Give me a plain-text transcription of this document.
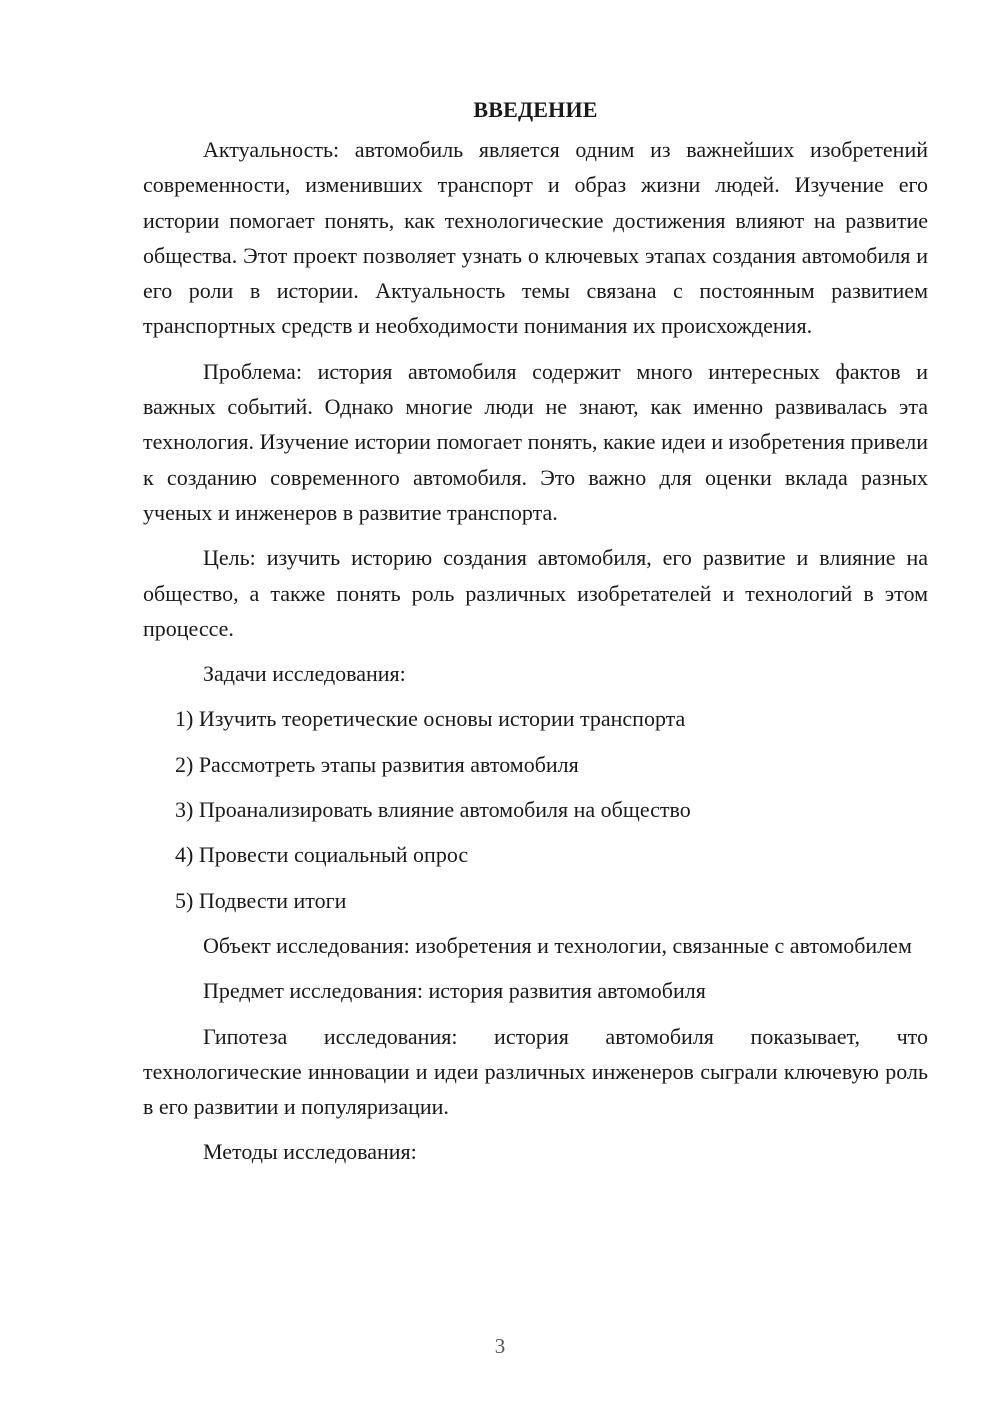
ВВЕДЕНИЕ

Актуальность: автомобиль является одним из важнейших изобретений современности, изменивших транспорт и образ жизни людей. Изучение его истории помогает понять, как технологические достижения влияют на развитие общества. Этот проект позволяет узнать о ключевых этапах создания автомобиля и его роли в истории. Актуальность темы связана с постоянным развитием транспортных средств и необходимости понимания их происхождения.

Проблема: история автомобиля содержит много интересных фактов и важных событий. Однако многие люди не знают, как именно развивалась эта технология. Изучение истории помогает понять, какие идеи и изобретения привели к созданию современного автомобиля. Это важно для оценки вклада разных ученых и инженеров в развитие транспорта.

Цель: изучить историю создания автомобиля, его развитие и влияние на общество, а также понять роль различных изобретателей и технологий в этом процессе.

Задачи исследования:

1) Изучить теоретические основы истории транспорта
2) Рассмотреть этапы развития автомобиля
3) Проанализировать влияние автомобиля на общество
4) Провести социальный опрос
5) Подвести итоги

Объект исследования: изобретения и технологии, связанные с автомобилем

Предмет исследования: история развития автомобиля

Гипотеза исследования: история автомобиля показывает, что технологические инновации и идеи различных инженеров сыграли ключевую роль в его развитии и популяризации.

Методы исследования:

3
